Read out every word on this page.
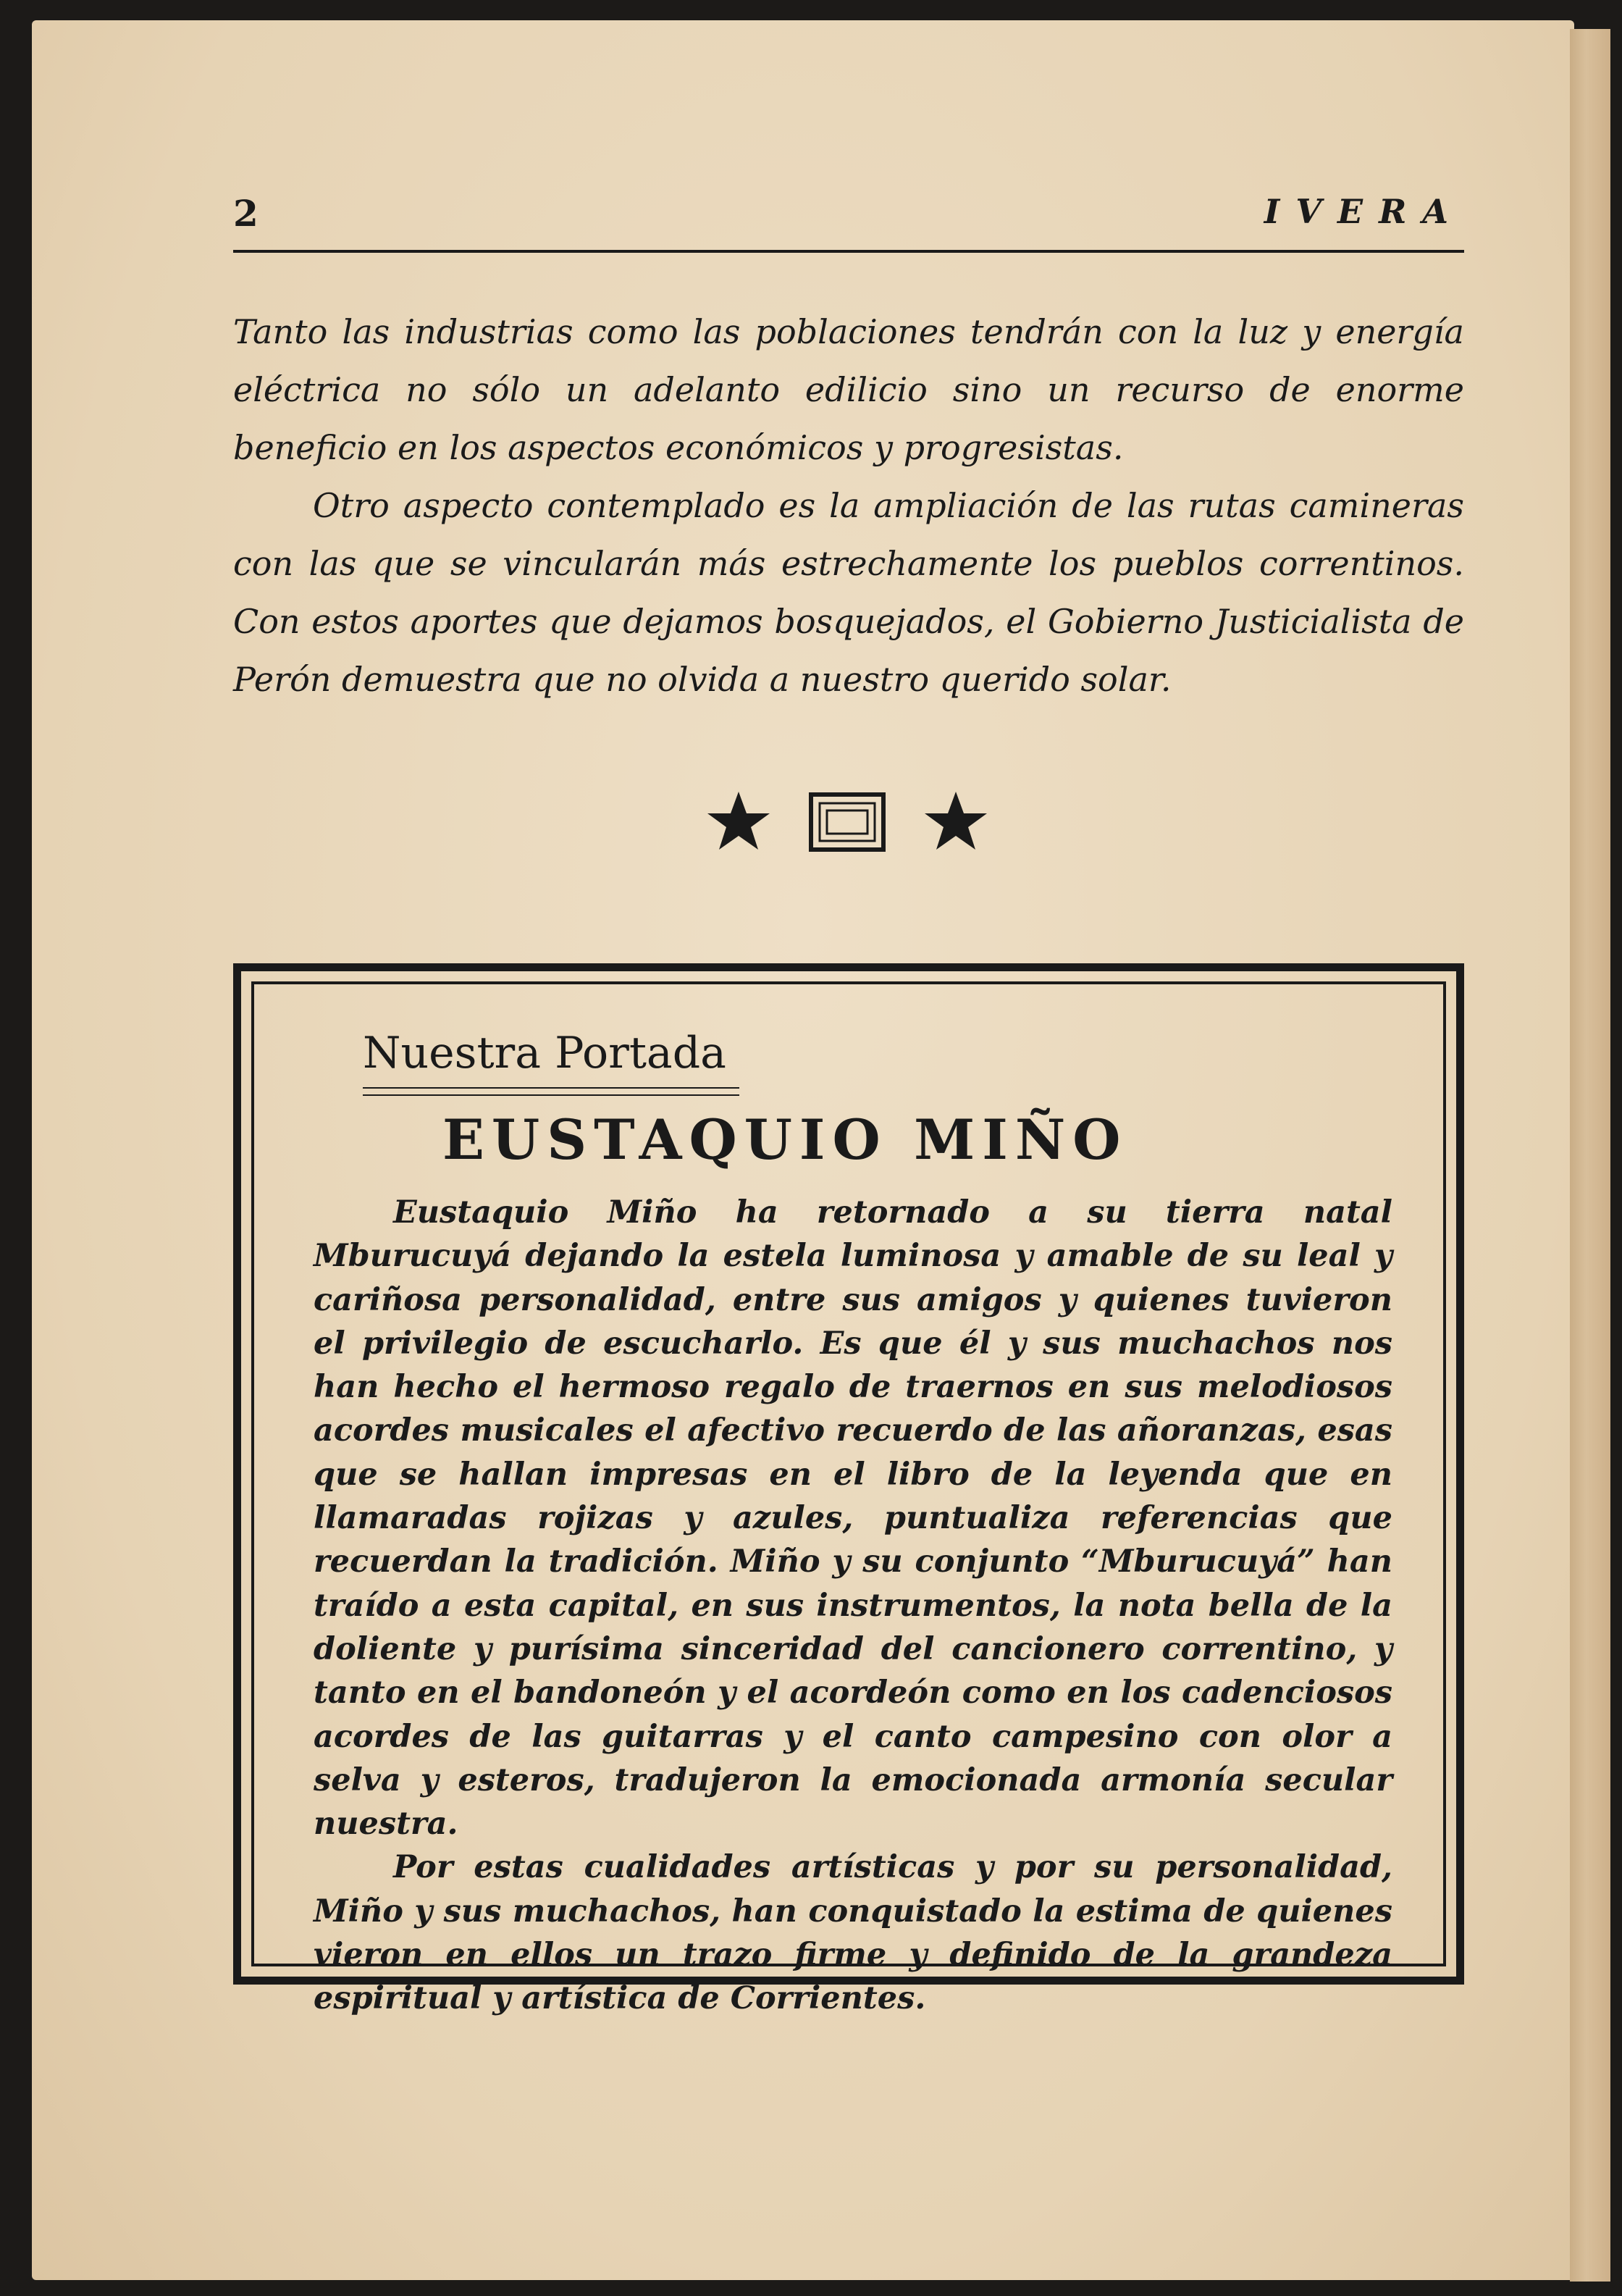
2	IVERA

Tanto las industrias como las poblaciones tendrán con la luz y energía eléctrica no sólo un adelanto edilicio sino un recurso de enorme beneficio en los aspectos económicos y progresistas.

Otro aspecto contemplado es la ampliación de las rutas camineras con las que se vincularán más estrechamente los pueblos correntinos. Con estos aportes que dejamos bosquejados, el Gobierno Justicialista de Perón demuestra que no olvida a nuestro querido solar.

Nuestra Portada
EUSTAQUIO MIÑO

Eustaquio Miño ha retornado a su tierra natal Mburucuyá dejando la estela luminosa y amable de su leal y cariñosa personalidad, entre sus amigos y quienes tuvieron el privilegio de escucharlo. Es que él y sus muchachos nos han hecho el hermoso regalo de traernos en sus melodiosos acordes musicales el afectivo recuerdo de las añoranzas, esas que se hallan impresas en el libro de la leyenda que en llamaradas rojizas y azules, puntualiza referencias que recuerdan la tradición. Miño y su conjunto “Mburucuyá” han traído a esta capital, en sus instrumentos, la nota bella de la doliente y purísima sinceridad del cancionero correntino, y tanto en el bandoneón y el acordeón como en los cadenciosos acordes de las guitarras y el canto campesino con olor a selva y esteros, tradujeron la emocionada armonía secular nuestra.

Por estas cualidades artísticas y por su personalidad, Miño y sus muchachos, han conquistado la estima de quienes vieron en ellos un trazo firme y definido de la grandeza espiritual y artística de Corrientes.
